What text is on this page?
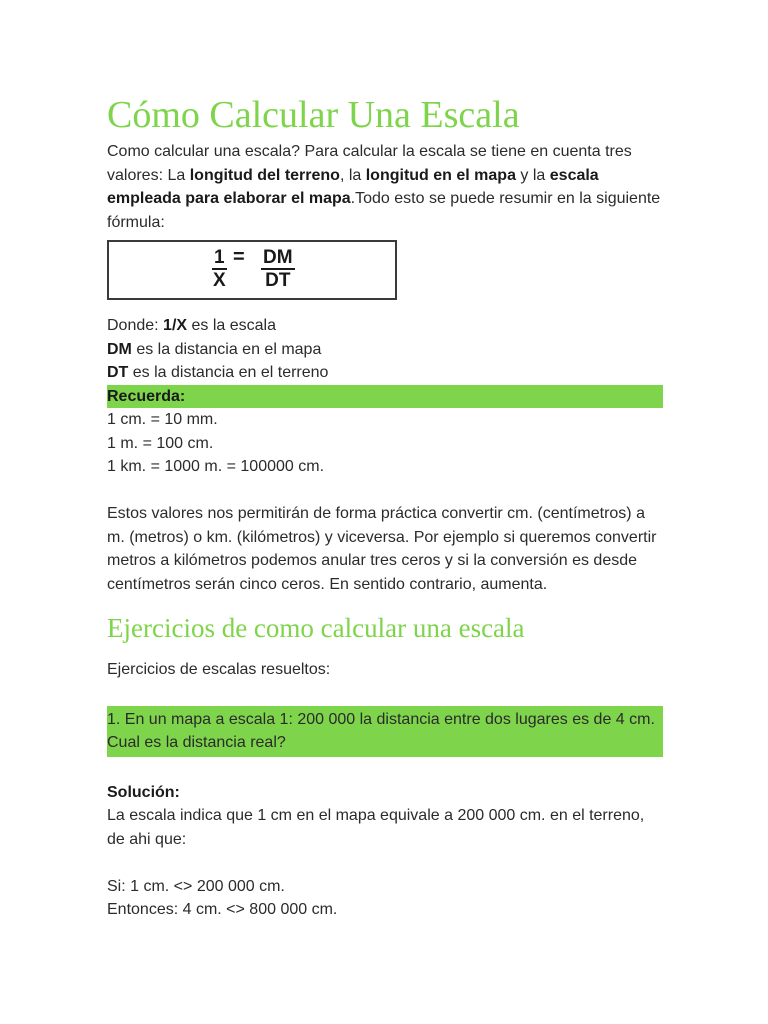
Cómo Calcular Una Escala

Como calcular una escala? Para calcular la escala se tiene en cuenta tres valores: La longitud del terreno, la longitud en el mapa y la escala empleada para elaborar el mapa.Todo esto se puede resumir en la siguiente fórmula:

$\frac{1}{X} = \frac{DM}{DT}$

Donde: 1/X es la escala

DM es la distancia en el mapa

DT es la distancia en el terreno

Recuerda:

1 cm. = 10 mm.

1 m. = 100 cm.

1 km. = 1000 m. = 100000 cm.

Estos valores nos permitirán de forma práctica convertir cm. (centímetros) a m. (metros) o km. (kilómetros) y viceversa. Por ejemplo si queremos convertir metros a kilómetros podemos anular tres ceros y si la conversión es desde centímetros serán cinco ceros. En sentido contrario, aumenta.

Ejercicios de como calcular una escala

Ejercicios de escalas resueltos:

1. En un mapa a escala 1: 200 000 la distancia entre dos lugares es de 4 cm. Cual es la distancia real?

Solución:

La escala indica que 1 cm en el mapa equivale a 200 000 cm. en el terreno, de ahi que:

Si: 1 cm. <> 200 000 cm.

Entonces: 4 cm. <> 800 000 cm.
